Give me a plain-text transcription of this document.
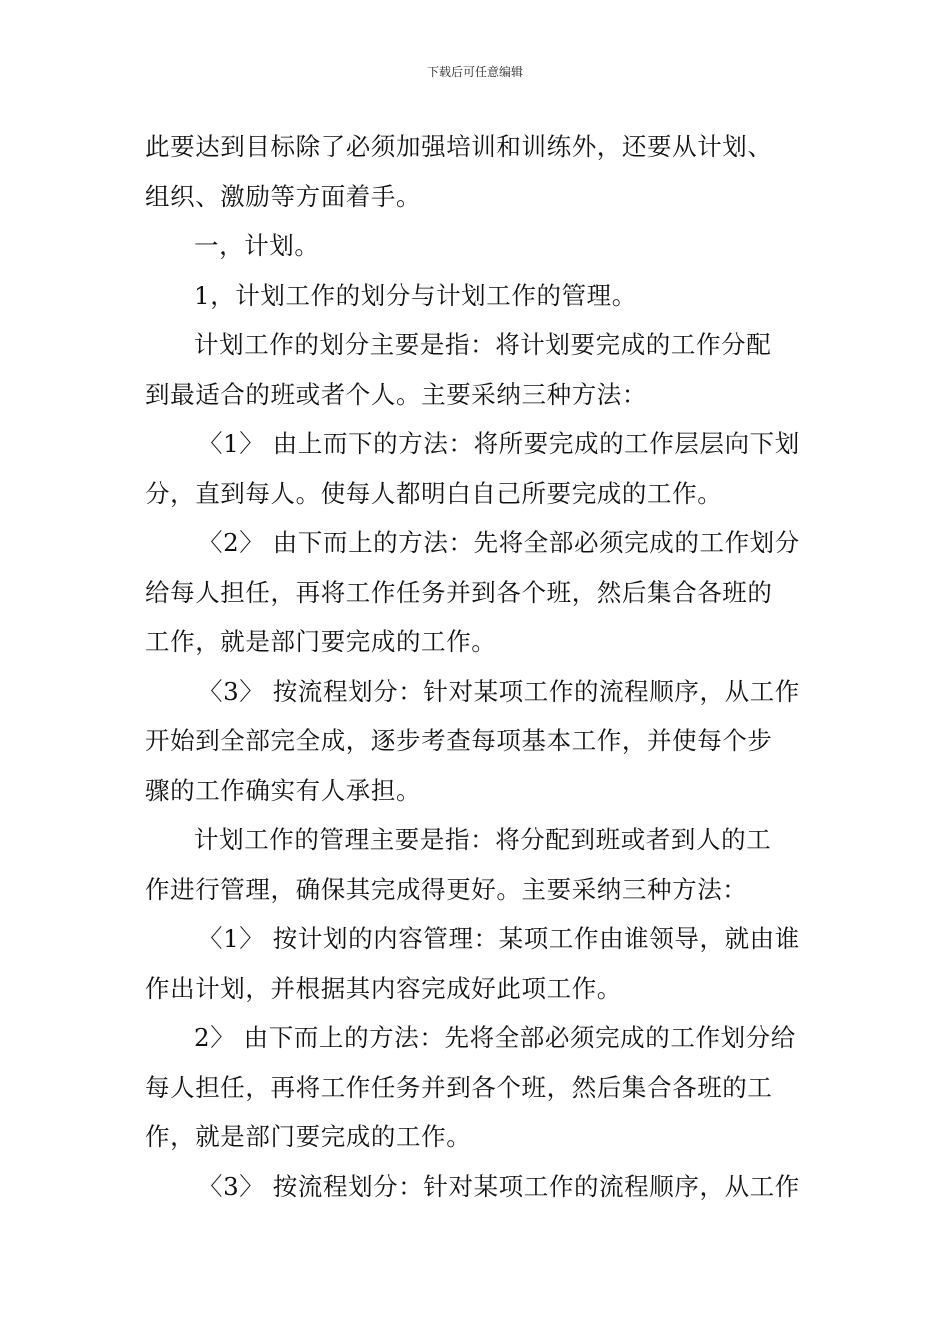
下载后可任意编辑
此要达到目标除了必须加强培训和训练外，还要从计划、
组织、激励等方面着手。
一，计划。
1，计划工作的划分与计划工作的管理。
计划工作的划分主要是指：将计划要完成的工作分配
到最适合的班或者个人。主要采纳三种方法：
〈1〉 由上而下的方法：将所要完成的工作层层向下划
分，直到每人。使每人都明白自己所要完成的工作。
〈2〉 由下而上的方法：先将全部必须完成的工作划分
给每人担任，再将工作任务并到各个班，然后集合各班的
工作，就是部门要完成的工作。
〈3〉 按流程划分：针对某项工作的流程顺序，从工作
开始到全部完全成，逐步考查每项基本工作，并使每个步
骤的工作确实有人承担。
计划工作的管理主要是指：将分配到班或者到人的工
作进行管理，确保其完成得更好。主要采纳三种方法：
〈1〉 按计划的内容管理：某项工作由谁领导，就由谁
作出计划，并根据其内容完成好此项工作。
2〉 由下而上的方法：先将全部必须完成的工作划分给
每人担任，再将工作任务并到各个班，然后集合各班的工
作，就是部门要完成的工作。
〈3〉 按流程划分：针对某项工作的流程顺序，从工作
